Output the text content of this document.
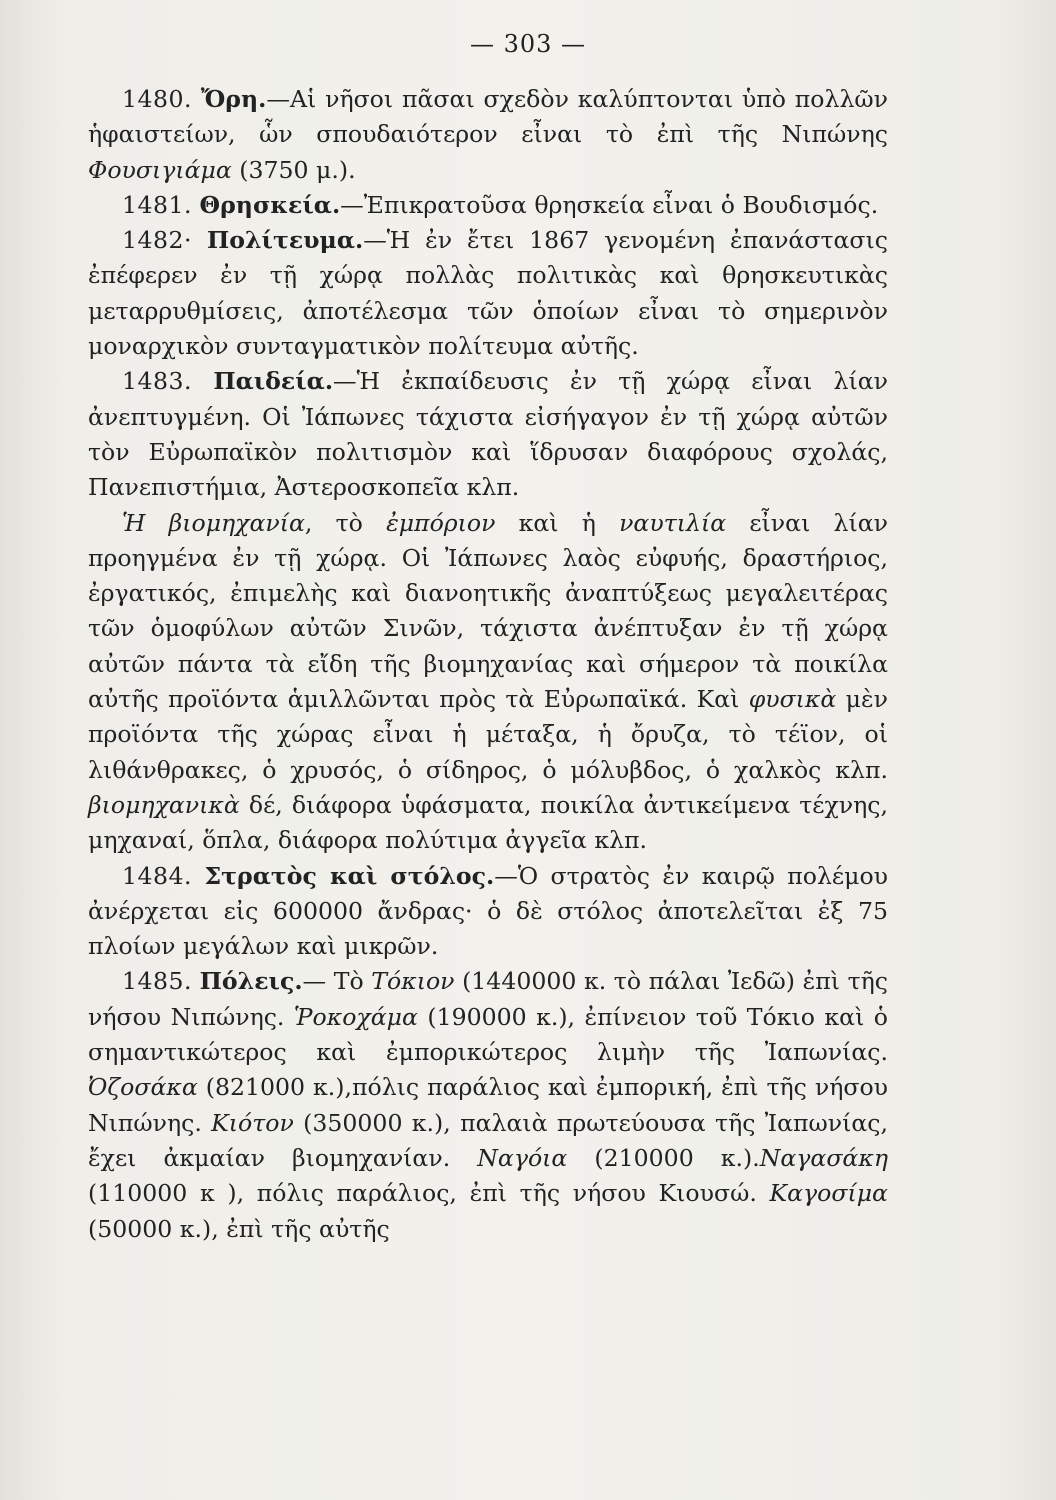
— 303 —

1480. Ὄρη.—Αἱ νῆσοι πᾶσαι σχεδὸν καλύπτονται ὑπὸ πολλῶν ἡφαιστείων, ὧν σπουδαιότερον εἶναι τὸ ἐπὶ τῆς Νιπώνης Φουσιγιάμα (3750 μ.).

1481. Θρησκεία.—Ἐπικρατοῦσα θρησκεία εἶναι ὁ Βουδισμός.

1482· Πολίτευμα.—Ἡ ἐν ἔτει 1867 γενομένη ἐπανάστασις ἐπέφερεν ἐν τῇ χώρᾳ πολλὰς πολιτικὰς καὶ θρησκευτικὰς μεταρρυθμίσεις, ἀποτέλεσμα τῶν ὁποίων εἶναι τὸ σημερινὸν μοναρχικὸν συνταγματικὸν πολίτευμα αὐτῆς.

1483. Παιδεία.—Ἡ ἐκπαίδευσις ἐν τῇ χώρᾳ εἶναι λίαν ἀνεπτυγμένη. Οἱ Ἰάπωνες τάχιστα εἰσήγαγον ἐν τῇ χώρᾳ αὐτῶν τὸν Εὐρωπαϊκὸν πολιτισμὸν καὶ ἵδρυσαν διαφόρους σχολάς, Πανεπιστήμια, Ἀστεροσκοπεῖα κλπ.

Ἡ βιομηχανία, τὸ ἐμπόριον καὶ ἡ ναυτιλία εἶναι λίαν προηγμένα ἐν τῇ χώρᾳ. Οἱ Ἰάπωνες λαὸς εὐφυής, δραστήριος, ἐργατικός, ἐπιμελὴς καὶ διανοητικῆς ἀναπτύξεως μεγαλειτέρας τῶν ὁμοφύλων αὐτῶν Σινῶν, τάχιστα ἀνέπτυξαν ἐν τῇ χώρᾳ αὐτῶν πάντα τὰ εἴδη τῆς βιομηχανίας καὶ σήμερον τὰ ποικίλα αὐτῆς προϊόντα ἁμιλλῶνται πρὸς τὰ Εὐρωπαϊκά. Καὶ φυσικὰ μὲν προϊόντα τῆς χώρας εἶναι ἡ μέταξα, ἡ ὄρυζα, τὸ τέϊον, οἱ λιθάνθρακες, ὁ χρυσός, ὁ σίδηρος, ὁ μόλυβδος, ὁ χαλκὸς κλπ. βιομηχανικὰ δέ, διάφορα ὑφάσματα, ποικίλα ἀντικείμενα τέχνης, μηχαναί, ὅπλα, διάφορα πολύτιμα ἀγγεῖα κλπ.

1484. Στρατὸς καὶ στόλος.—Ὁ στρατὸς ἐν καιρῷ πολέμου ἀνέρχεται εἰς 600000 ἄνδρας· ὁ δὲ στόλος ἀποτελεῖται ἐξ 75 πλοίων μεγάλων καὶ μικρῶν.

1485. Πόλεις.— Τὸ Τόκιον (1440000 κ. τὸ πάλαι Ἰεδῶ) ἐπὶ τῆς νήσου Νιπώνης. Ῥοκοχάμα (190000 κ.), ἐπίνειον τοῦ Τόκιο καὶ ὁ σημαντικώτερος καὶ ἐμπορικώτερος λιμὴν τῆς Ἰαπωνίας. Ὀζοσάκα (821000 κ.),πόλις παράλιος καὶ ἐμπορική, ἐπὶ τῆς νήσου Νιπώνης. Κιότον (350000 κ.), παλαιὰ πρωτεύουσα τῆς Ἰαπωνίας, ἔχει ἀκμαίαν βιομηχανίαν. Ναγόια (210000 κ.).Ναγασάκη (110000 κ ), πόλις παράλιος, ἐπὶ τῆς νήσου Κιουσώ. Καγοσίμα (50000 κ.), ἐπὶ τῆς αὐτῆς
